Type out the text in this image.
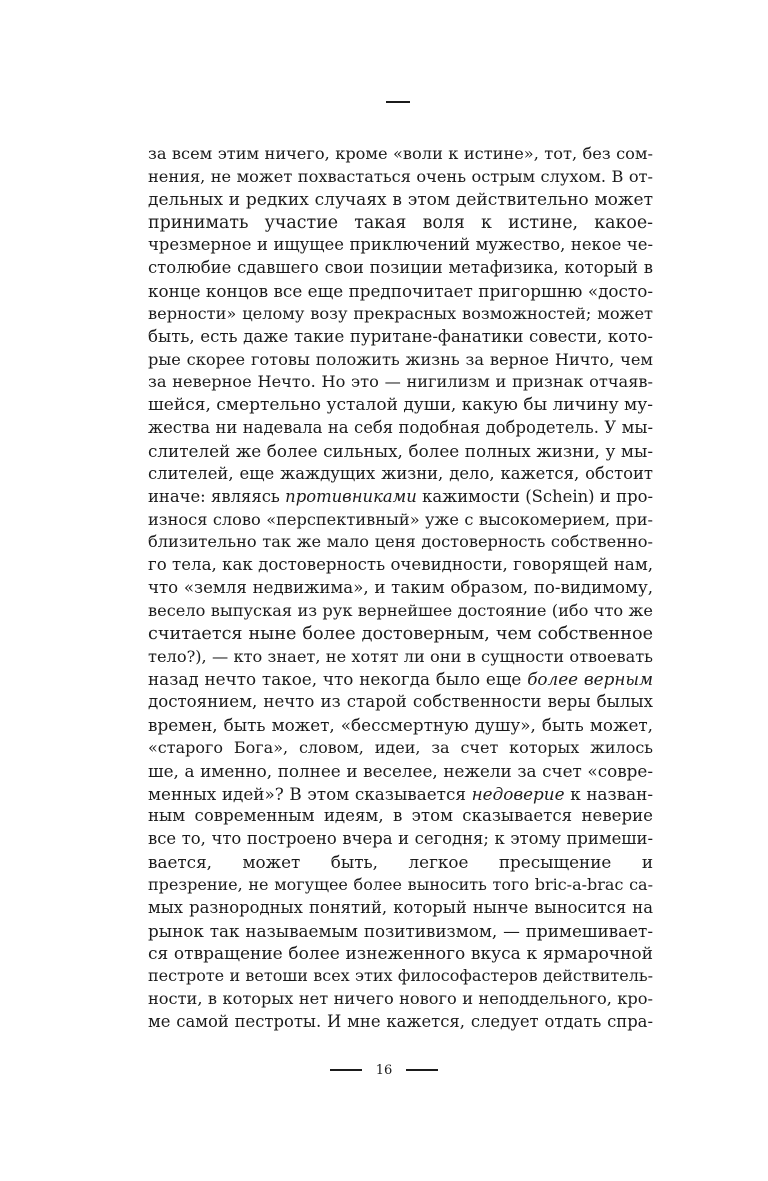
за всем этим ничего, кроме «воли к истине», тот, без сом-
нения, не может похвастаться очень острым слухом. В от-
дельных и редких случаях в этом действительно может
принимать участие такая воля к истине, какое-
чрезмерное и ищущее приключений мужество, некое че-
столюбие сдавшего свои позиции метафизика, который в
конце концов все еще предпочитает пригоршню «досто-
верности» целому возу прекрасных возможностей; может
быть, есть даже такие пуритане-фанатики совести, кото-
рые скорее готовы положить жизнь за верное Ничто, чем
за неверное Нечто. Но это — нигилизм и признак отчаяв-
шейся, смертельно усталой души, какую бы личину му-
жества ни надевала на себя подобная добродетель. У мы-
слителей же более сильных, более полных жизни, у мы-
слителей, еще жаждущих жизни, дело, кажется, обстоит
иначе: являясь противниками кажимости (Schein) и про-
износя слово «перспективный» уже с высокомерием, при-
близительно так же мало ценя достоверность собственно-
го тела, как достоверность очевидности, говорящей нам,
что «земля недвижима», и таким образом, по-видимому,
весело выпуская из рук вернейшее достояние (ибо что же
считается ныне более достоверным, чем собственное
тело?), — кто знает, не хотят ли они в сущности отвоевать
назад нечто такое, что некогда было еще более верным
достоянием, нечто из старой собственности веры былых
времен, быть может, «бессмертную душу», быть может,
«старого Бога», словом, идеи, за счет которых жилось
ше, а именно, полнее и веселее, нежели за счет «совре-
менных идей»? В этом сказывается недоверие к назван-
ным современным идеям, в этом сказывается неверие
все то, что построено вчера и сегодня; к этому примеши-
вается, может быть, легкое пресыщение и
презрение, не могущее более выносить того bric-a-brac са-
мых разнородных понятий, который нынче выносится на
рынок так называемым позитивизмом, — примешивает-
ся отвращение более изнеженного вкуса к ярмарочной
пестроте и ветоши всех этих философастеров действитель-
ности, в которых нет ничего нового и неподдельного, кро-
ме самой пестроты. И мне кажется, следует отдать спра-
16
